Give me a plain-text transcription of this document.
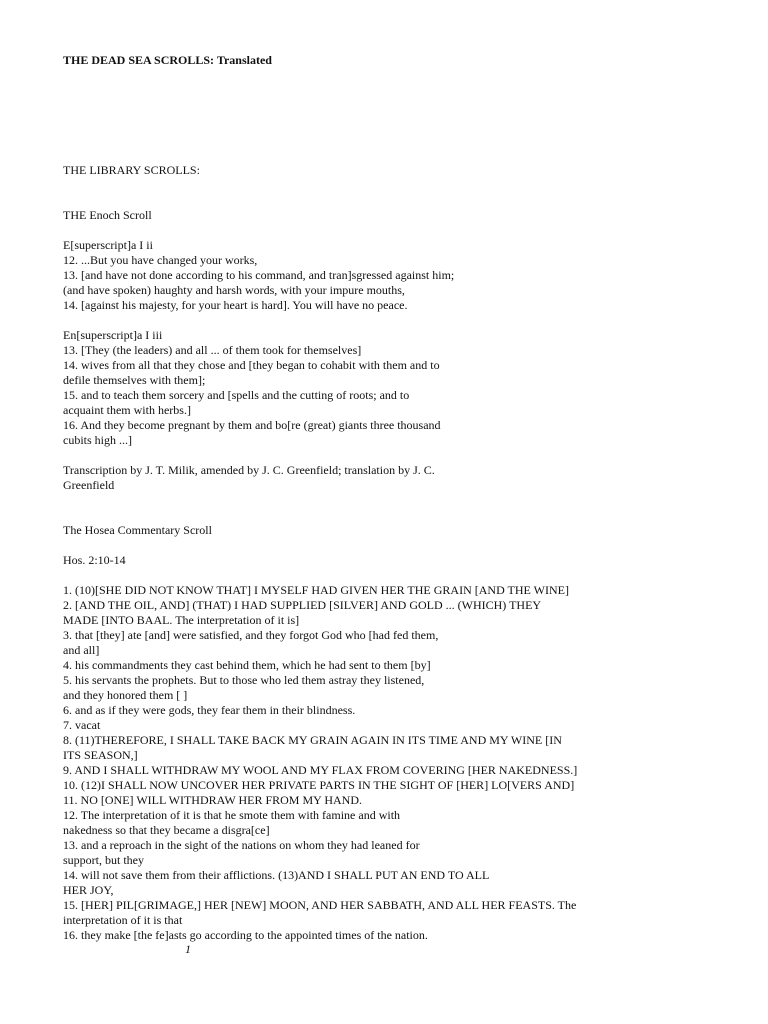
THE DEAD SEA SCROLLS: Translated
THE LIBRARY SCROLLS:
THE Enoch Scroll
E[superscript]a I ii
12. ...But you have changed your works,
13. [and have not done according to his command, and tran]sgressed against him;
(and have spoken) haughty and harsh words, with your impure mouths,
14. [against his majesty, for your heart is hard]. You will have no peace.
En[superscript]a I iii
13. [They (the leaders) and all ... of them took for themselves]
14. wives from all that they chose and [they began to cohabit with them and to
defile themselves with them];
15. and to teach them sorcery and [spells and the cutting of roots; and to
acquaint them with herbs.]
16. And they become pregnant by them and bo[re (great) giants three thousand
cubits high ...]
Transcription by J. T. Milik, amended by J. C. Greenfield; translation by J. C.
Greenfield
The Hosea Commentary Scroll
Hos. 2:10-14
1. (10)[SHE DID NOT KNOW THAT] I MYSELF HAD GIVEN HER THE GRAIN [AND THE WINE]
2. [AND THE OIL, AND] (THAT) I HAD SUPPLIED [SILVER] AND GOLD ... (WHICH) THEY
MADE [INTO BAAL. The interpretation of it is]
3. that [they] ate [and] were satisfied, and they forgot God who [had fed them,
and all]
4. his commandments they cast behind them, which he had sent to them [by]
5. his servants the prophets. But to those who led them astray they listened,
and they honored them [ ]
6. and as if they were gods, they fear them in their blindness.
7. vacat
8. (11)THEREFORE, I SHALL TAKE BACK MY GRAIN AGAIN IN ITS TIME AND MY WINE [IN
ITS SEASON,]
9. AND I SHALL WITHDRAW MY WOOL AND MY FLAX FROM COVERING [HER NAKEDNESS.]
10. (12)I SHALL NOW UNCOVER HER PRIVATE PARTS IN THE SIGHT OF [HER] LO[VERS AND]
11. NO [ONE] WILL WITHDRAW HER FROM MY HAND.
12. The interpretation of it is that he smote them with famine and with
nakedness so that they became a disgra[ce]
13. and a reproach in the sight of the nations on whom they had leaned for
support, but they
14. will not save them from their afflictions. (13)AND I SHALL PUT AN END TO ALL
HER JOY,
15. [HER] PIL[GRIMAGE,] HER [NEW] MOON, AND HER SABBATH, AND ALL HER FEASTS. The
interpretation of it is that
16. they make [the fe]asts go according to the appointed times of the nation.
1
